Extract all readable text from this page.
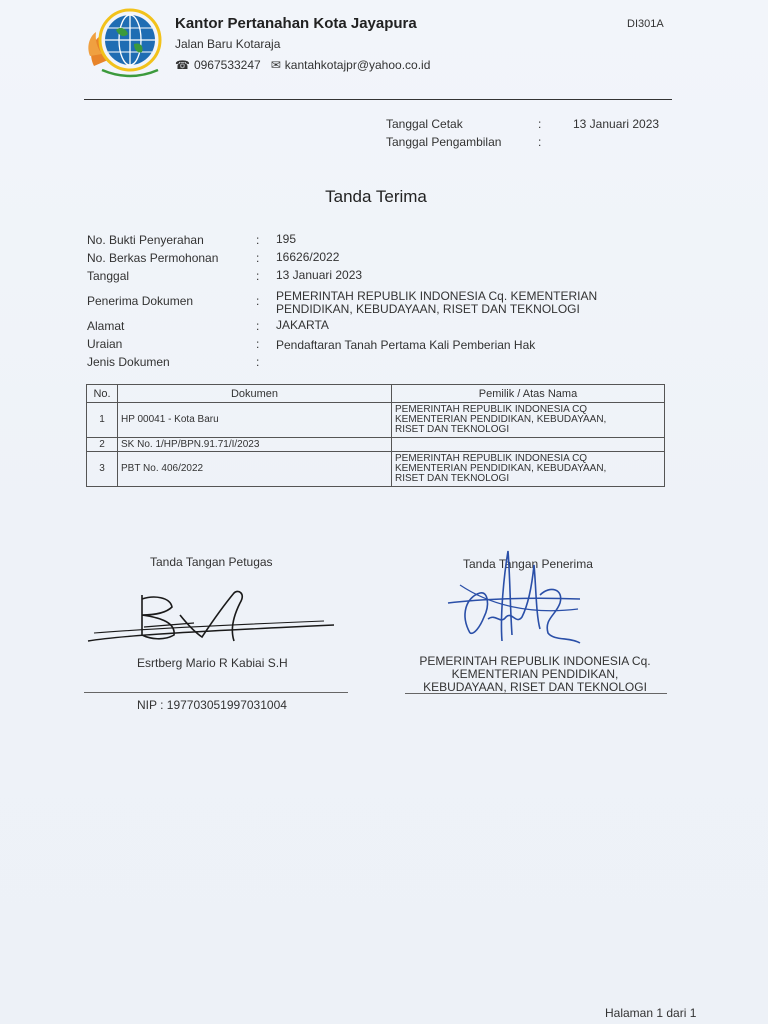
Kantor Pertanahan Kota Jayapura
Jalan Baru Kotaraja
☎ 0967533247 ✉ kantahkotajpr@yahoo.co.id
DI301A
Tanggal Cetak	:	13 Januari 2023
Tanggal Pengambilan	:
Tanda Terima
No. Bukti Penyerahan	: 195
No. Berkas Permohonan	: 16626/2022
Tanggal	: 13 Januari 2023
Penerima Dokumen	: PEMERINTAH REPUBLIK INDONESIA Cq. KEMENTERIAN
PENDIDIKAN, KEBUDAYAAN, RISET DAN TEKNOLOGI
Alamat	: JAKARTA
Uraian	: Pendaftaran Tanah Pertama Kali Pemberian Hak
Jenis Dokumen	:
No.	Dokumen	Pemilik / Atas Nama
1	HP 00041 - Kota Baru	PEMERINTAH REPUBLIK INDONESIA CQ
KEMENTERIAN PENDIDIKAN, KEBUDAYAAN,
RISET DAN TEKNOLOGI

2	SK No. 1/HP/BPN.91.71/I/2023	
3	PBT No. 406/2022	PEMERINTAH REPUBLIK INDONESIA CQ
KEMENTERIAN PENDIDIKAN, KEBUDAYAAN,
RISET DAN TEKNOLOGI
Tanda Tangan Petugas	Tanda Tangan Penerima
Esrtberg Mario R Kabiai S.H	PEMERINTAH REPUBLIK INDONESIA Cq.
KEMENTERIAN PENDIDIKAN,
KEBUDAYAAN, RISET DAN TEKNOLOGI
NIP : 197703051997031004
Halaman 1 dari 1
